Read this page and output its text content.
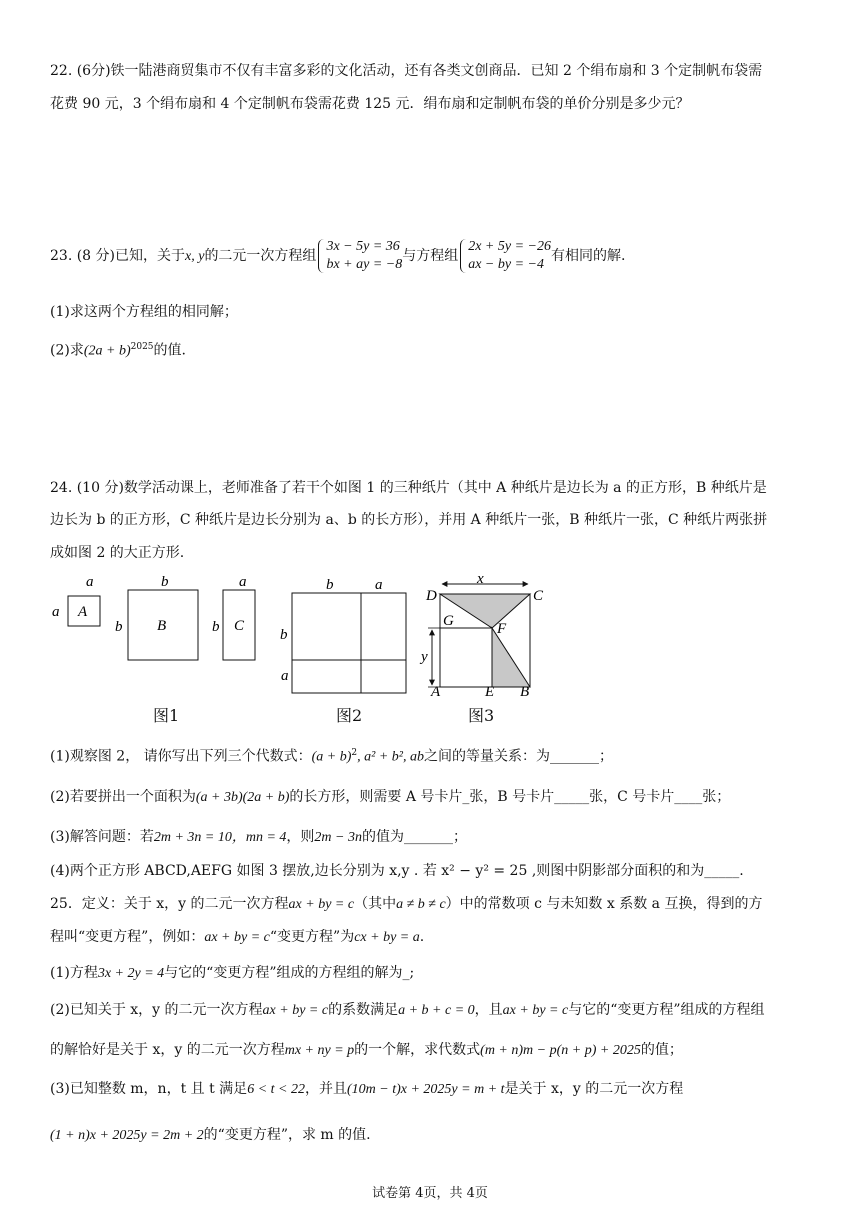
22. (6分)铁一陆港商贸集市不仅有丰富多彩的文化活动，还有各类文创商品．已知 2 个绢布扇和 3 个定制帆布袋需
花费 90 元，3 个绢布扇和 4 个定制帆布袋需花费 125 元．绢布扇和定制帆布袋的单价分别是多少元？
23. (8 分)已知，关于x, y的二元一次方程组
3x − 5y = 36
bx + ay = −8
与方程组
2x + 5y = −26
ax − by = −4
有相同的解.
(1)求这两个方程组的相同解；
(2)求$(2a + b)^{2025}$的值.
24. (10 分)数学活动课上，老师准备了若干个如图 1 的三种纸片（其中 A 种纸片是边长为 a 的正方形，B 种纸片是
边长为 b 的正方形，C 种纸片是边长分别为 a、b 的长方形），并用 A 种纸片一张，B 种纸片一张，C 种纸片两张拼
成如图 2 的大正方形.
a
a A
b
b B
a
b C
图1
b	a
b
a
图2
x
y
D	C
G	F
A	E B
图3
(1)观察图 2， 请你写出下列三个代数式：$(a + b)^2$, a² + b², ab之间的等量关系：为_______；
(2)若要拼出一个面积为(a + 3b)(2a + b)的长方形，则需要 A 号卡片_张，B 号卡片_____张，C 号卡片____张；
(3)解答问题：若2m + 3n = 10，mn = 4，则2m − 3n的值为_______；
(4)两个正方形 ABCD,AEFG 如图 3 摆放,边长分别为 x,y . 若 x² − y² = 25 ,则图中阴影部分面积的和为_____.
25．定义：关于 x，y 的二元一次方程ax + by = c（其中a ≠ b ≠ c）中的常数项 c 与未知数 x 系数 a 互换，得到的方
程叫“变更方程”，例如：ax + by = c“变更方程”为cx + by = a.
(1)方程3x + 2y = 4与它的“变更方程”组成的方程组的解为_;
(2)已知关于 x，y 的二元一次方程ax + by = c的系数满足a + b + c = 0，且ax + by = c与它的“变更方程”组成的方程组
的解恰好是关于 x，y 的二元一次方程mx + ny = p的一个解，求代数式(m + n)m − p(n + p) + 2025的值；
(3)已知整数 m，n，t 且 t 满足6 < t < 22，并且(10m − t)x + 2025y = m + t是关于 x，y 的二元一次方程
(1 + n)x + 2025y = 2m + 2的“变更方程”，求 m 的值.
试卷第 4页，共 4页
